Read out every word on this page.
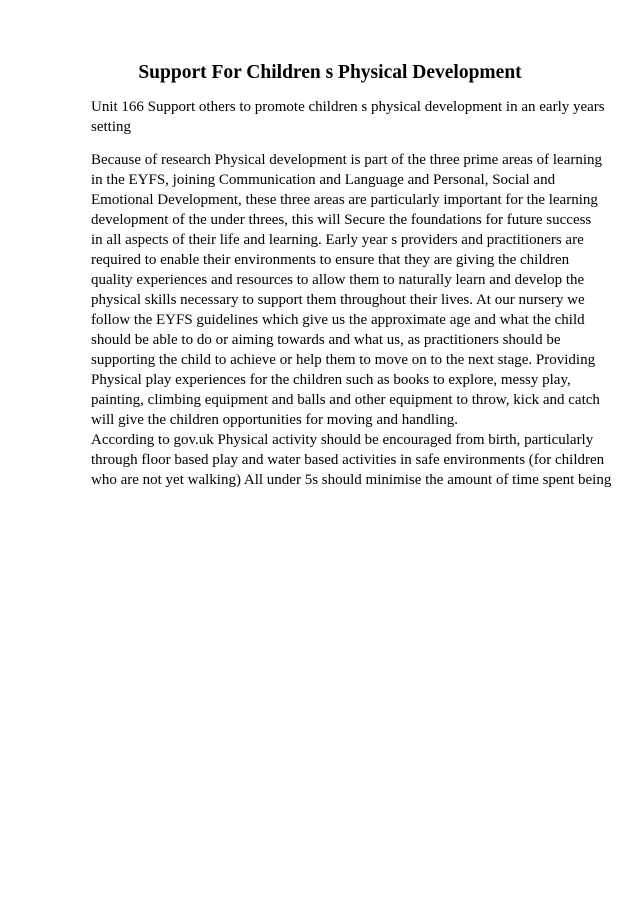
Support For Children s Physical Development

Unit 166 Support others to promote children s physical development in an early years

setting

Because of research Physical development is part of the three prime areas of learning

in the EYFS, joining Communication and Language and Personal, Social and

Emotional Development, these three areas are particularly important for the learning

development of the under threes, this will Secure the foundations for future success

in all aspects of their life and learning. Early year s providers and practitioners are

required to enable their environments to ensure that they are giving the children

quality experiences and resources to allow them to naturally learn and develop the

physical skills necessary to support them throughout their lives. At our nursery we

follow the EYFS guidelines which give us the approximate age and what the child

should be able to do or aiming towards and what us, as practitioners should be

supporting the child to achieve or help them to move on to the next stage. Providing

Physical play experiences for the children such as books to explore, messy play,

painting, climbing equipment and balls and other equipment to throw, kick and catch

will give the children opportunities for moving and handling.

According to gov.uk Physical activity should be encouraged from birth, particularly

through floor based play and water based activities in safe environments (for children

who are not yet walking) All under 5s should minimise the amount of time spent being
